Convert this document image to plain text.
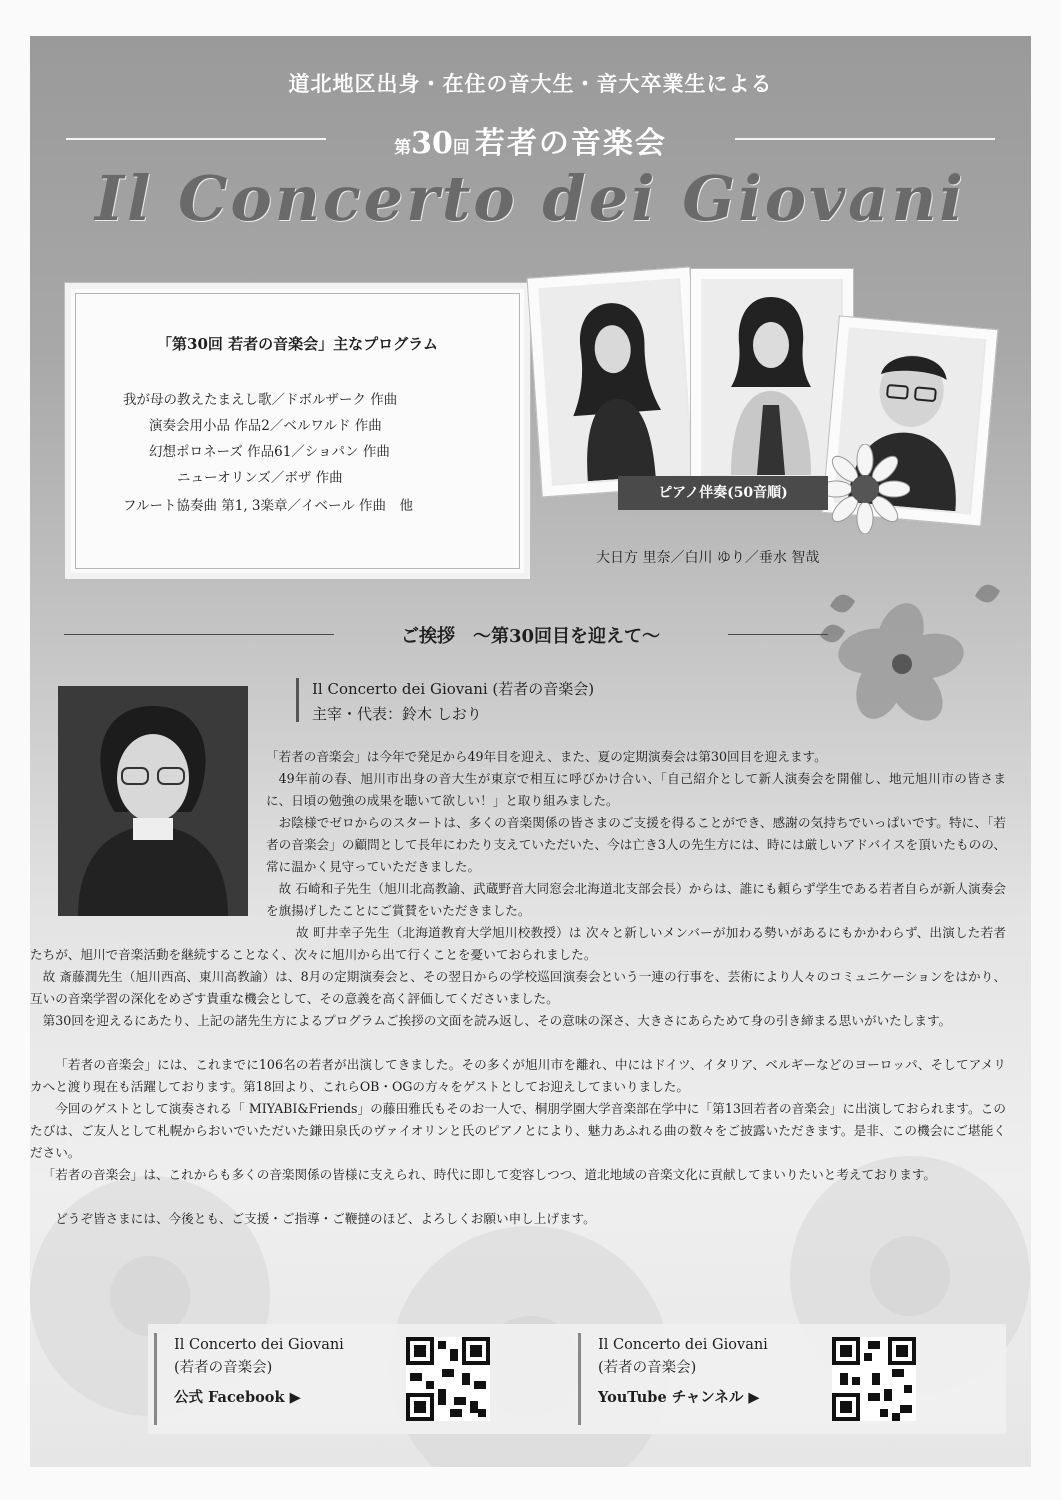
道北地区出身・在住の音大生・音大卒業生による
第30回 若者の音楽会
Il Concerto dei Giovani
「第30回 若者の音楽会」主なプログラム
我が母の教えたまえし歌／ドボルザーク 作曲
演奏会用小品 作品2／ベルワルド 作曲
幻想ポロネーズ 作品61／ショパン 作曲
ニューオリンズ／ボザ 作曲
フルート協奏曲 第1, 3楽章／イベール 作曲　他
ピアノ伴奏(50音順)
大日方 里奈／白川 ゆり／垂水 智哉
ご挨拶　～第30回目を迎えて～
Il Concerto dei Giovani (若者の音楽会)
主宰・代表：鈴木 しおり
「若者の音楽会」は今年で発足から49年目を迎え、また、夏の定期演奏会は第30回目を迎えます。
49年前の春、旭川市出身の音大生が東京で相互に呼びかけ合い、「自己紹介として新人演奏会を開催し、地元旭川市の皆さまに、日頃の勉強の成果を聴いて欲しい！」と取り組みました。
お陰様でゼロからのスタートは、多くの音楽関係の皆さまのご支援を得ることができ、感謝の気持ちでいっぱいです。特に、「若者の音楽会」の顧問として長年にわたり支えていただいた、今は亡き3人の先生方には、時には厳しいアドバイスを頂いたものの、常に温かく見守っていただきました。
故 石崎和子先生（旭川北高教諭、武蔵野音大同窓会北海道北支部会長）からは、誰にも頼らず学生である若者自らが新人演奏会を旗揚げしたことにご賞賛をいただきました。
故 町井幸子先生（北海道教育大学旭川校教授）は 次々と新しいメンバーが加わる勢いがあるにもかかわらず、出演した若者たちが、旭川で音楽活動を継続することなく、次々に旭川から出て行くことを憂いておられました。
故 斎藤潤先生（旭川西高、東川高教諭）は、8月の定期演奏会と、その翌日からの学校巡回演奏会という一連の行事を、芸術により人々のコミュニケーションをはかり、互いの音楽学習の深化をめざす貴重な機会として、その意義を高く評価してくださいました。
第30回を迎えるにあたり、上記の諸先生方によるプログラムご挨拶の文面を読み返し、その意味の深さ、大きさにあらためて身の引き締まる思いがいたします。
「若者の音楽会」には、これまでに106名の若者が出演してきました。その多くが旭川市を離れ、中にはドイツ、イタリア、ベルギーなどのヨーロッパ、そしてアメリカへと渡り現在も活躍しております。第18回より、これらOB・OGの方々をゲストとしてお迎えしてまいりました。
今回のゲストとして演奏される「 MIYABI&Friends」の藤田雅氏もそのお一人で、桐朋学園大学音楽部在学中に「第13回若者の音楽会」に出演しておられます。このたびは、ご友人として札幌からおいでいただいた鎌田泉氏のヴァイオリンと氏のピアノとにより、魅力あふれる曲の数々をご披露いただきます。是非、この機会にご堪能ください。
「若者の音楽会」は、これからも多くの音楽関係の皆様に支えられ、時代に即して変容しつつ、道北地域の音楽文化に貢献してまいりたいと考えております。
どうぞ皆さまには、今後とも、ご支援・ご指導・ご鞭撻のほど、よろしくお願い申し上げます。
Il Concerto dei Giovani
(若者の音楽会)
公式 Facebook ▶
Il Concerto dei Giovani
(若者の音楽会)
YouTube チャンネル ▶
